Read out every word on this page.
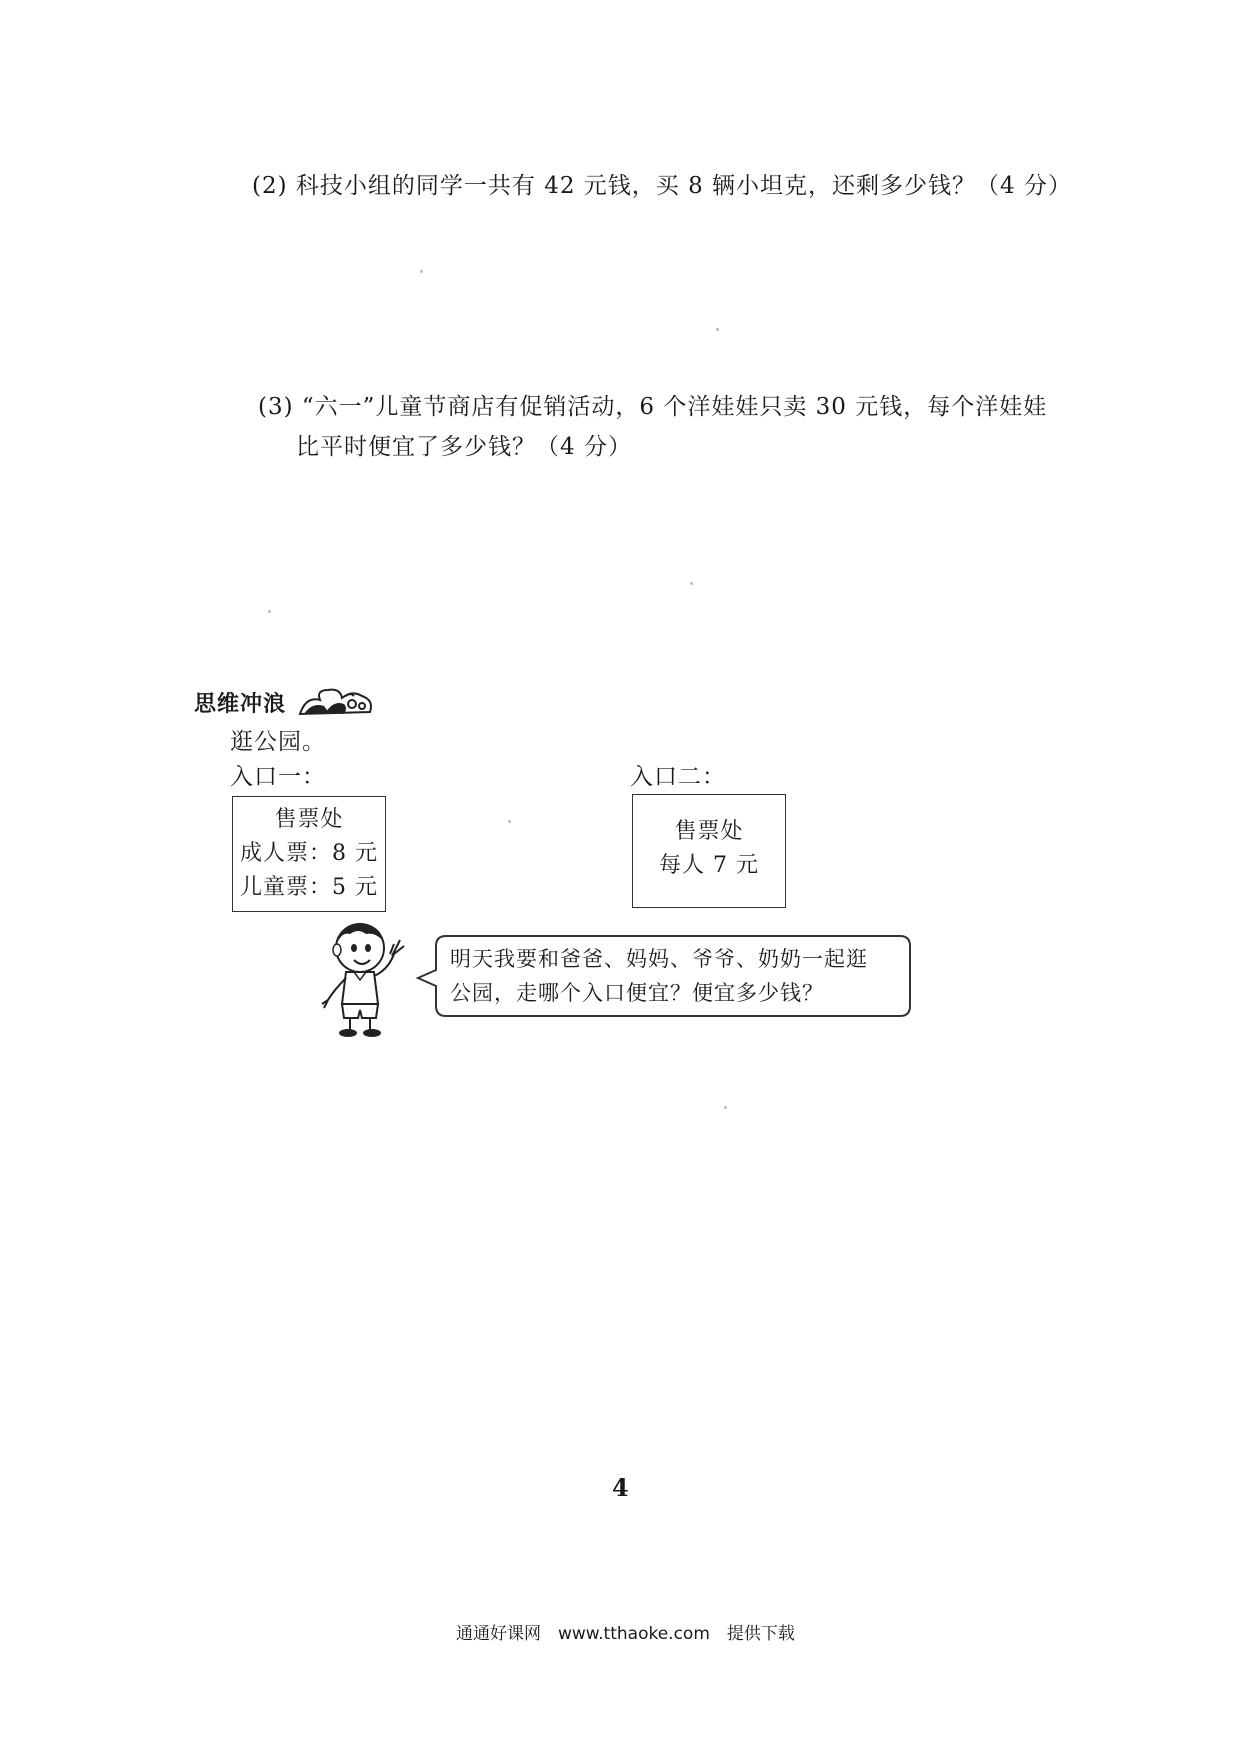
(2) 科技小组的同学一共有 42 元钱，买 8 辆小坦克，还剩多少钱？（4 分）
(3) “六一”儿童节商店有促销活动，6 个洋娃娃只卖 30 元钱，每个洋娃娃
比平时便宜了多少钱？（4 分）
思维冲浪
逛公园。
入口一：	入口二：
售票处
成人票：8 元
儿童票：5 元
售票处
每人 7 元
明天我要和爸爸、妈妈、爷爷、奶奶一起逛
公园，走哪个入口便宜？便宜多少钱？
4
通通好课网　www.tthaoke.com　提供下载
